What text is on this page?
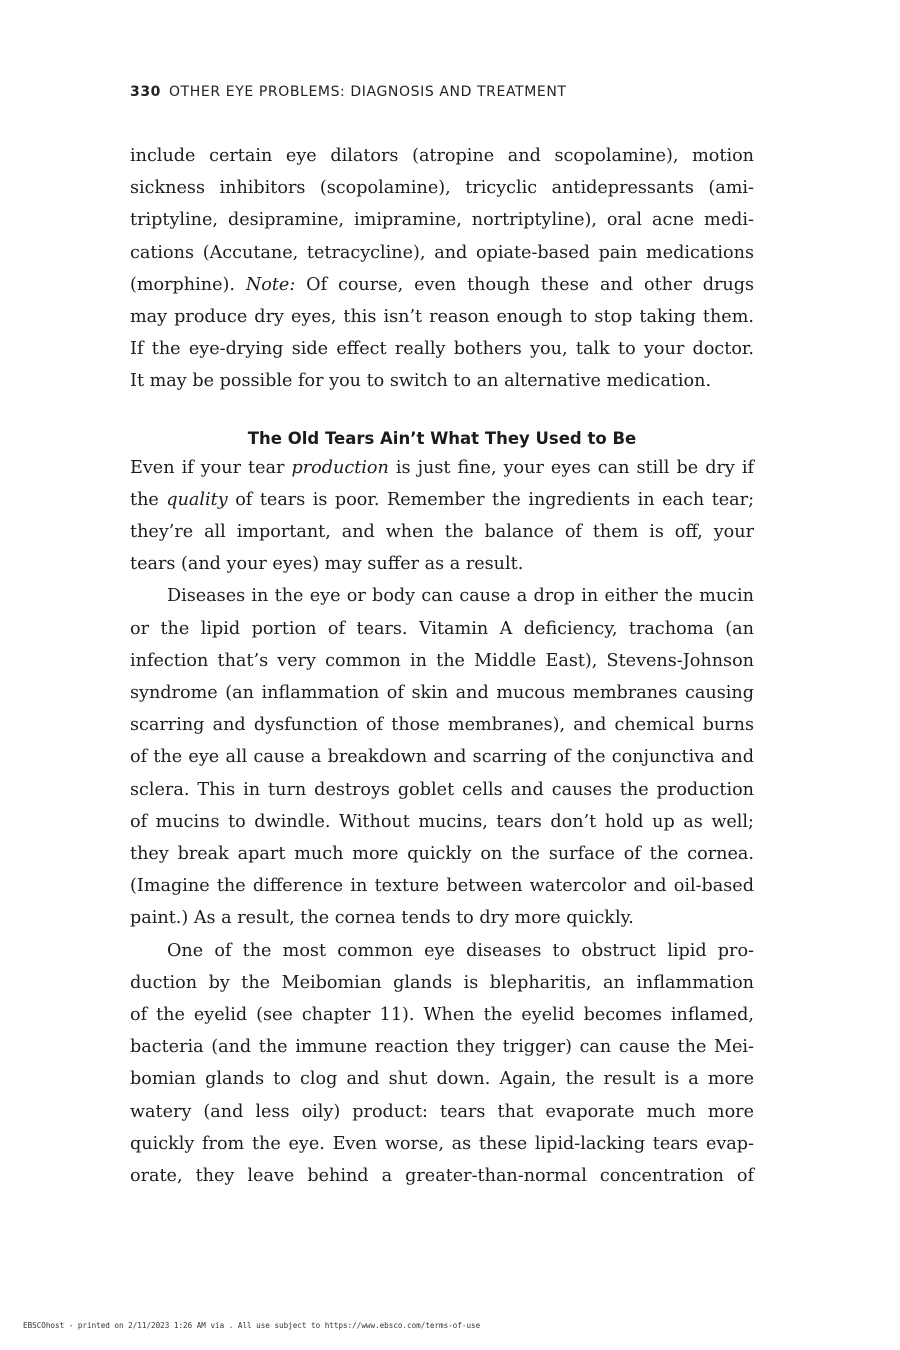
330 OTHER EYE PROBLEMS: DIAGNOSIS AND TREATMENT
include certain eye dilators (atropine and scopolamine), motion
sickness inhibitors (scopolamine), tricyclic antidepressants (ami-
triptyline, desipramine, imipramine, nortriptyline), oral acne medi-
cations (Accutane, tetracycline), and opiate-based pain medications
(morphine). Note: Of course, even though these and other drugs
may produce dry eyes, this isn’t reason enough to stop taking them.
If the eye-drying side effect really bothers you, talk to your doctor.
It may be possible for you to switch to an alternative medication.
The Old Tears Ain’t What They Used to Be
Even if your tear production is just fine, your eyes can still be dry if
the quality of tears is poor. Remember the ingredients in each tear;
they’re all important, and when the balance of them is off, your
tears (and your eyes) may suffer as a result.
Diseases in the eye or body can cause a drop in either the mucin
or the lipid portion of tears. Vitamin A deficiency, trachoma (an
infection that’s very common in the Middle East), Stevens-Johnson
syndrome (an inflammation of skin and mucous membranes causing
scarring and dysfunction of those membranes), and chemical burns
of the eye all cause a breakdown and scarring of the conjunctiva and
sclera. This in turn destroys goblet cells and causes the production
of mucins to dwindle. Without mucins, tears don’t hold up as well;
they break apart much more quickly on the surface of the cornea.
(Imagine the difference in texture between watercolor and oil-based
paint.) As a result, the cornea tends to dry more quickly.
One of the most common eye diseases to obstruct lipid pro-
duction by the Meibomian glands is blepharitis, an inflammation
of the eyelid (see chapter 11). When the eyelid becomes inflamed,
bacteria (and the immune reaction they trigger) can cause the Mei-
bomian glands to clog and shut down. Again, the result is a more
watery (and less oily) product: tears that evaporate much more
quickly from the eye. Even worse, as these lipid-lacking tears evap-
orate, they leave behind a greater-than-normal concentration of
EBSCOhost - printed on 2/11/2023 1:26 AM via . All use subject to https://www.ebsco.com/terms-of-use
